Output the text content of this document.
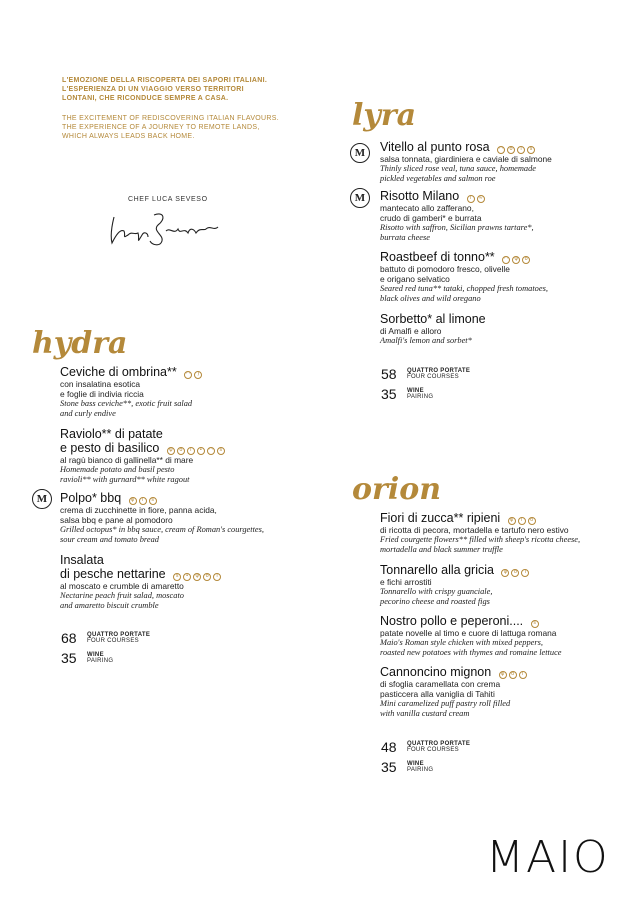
L'EMOZIONE DELLA RISCOPERTA DEI SAPORI ITALIANI.
L'ESPERIENZA DI UN VIAGGIO VERSO TERRITORI
LONTANI, CHE RICONDUCE SEMPRE A CASA.
THE EXCITEMENT OF REDISCOVERING ITALIAN FLAVOURS.
THE EXPERIENCE OF A JOURNEY TO REMOTE LANDS,
WHICH ALWAYS LEADS BACK HOME.
CHEF LUCA SEVESO
lyra
M Vitello al punto rosa	◠	o	ı	s
salsa tonnata, giardiniera e caviale di salmone
Thinly sliced rose veal, tuna sauce, homemade
pickled vegetables and salmon roe
M Risotto Milano	ı	≈
mantecato allo zafferano,
crudo di gamberi* e burrata
Risotto with saffron, Sicilian prawns tartare*,
burrata cheese
Roastbeef di tonno**	◠	ψ	o
battuto di pomodoro fresco, olivelle
e origano selvatico
Seared red tuna** tataki, chopped fresh tomatoes,
black olives and wild oregano
Sorbetto* al limone
di Amalfi e alloro
Amalfi's lemon and sorbet*
58	QUATTRO PORTATE
FOUR COURSES
35	WINE
PAIRING
hydra
Ceviche di ombrina**	◠	)
con insalatina esotica
e foglie di indivia riccia
Stone bass ceviche**, exotic fruit salad
and curly endive
Raviolo** di patate
e pesto di basilico	ψ	o	ı	•	◠	s
al ragù bianco di gallinella** di mare
Homemade potato and basil pesto
ravioli** with gurnard** white ragout
M Polpo* bbq	ψ	ı	s
crema di zucchinette in fiore, panna acida,
salsa bbq e pane al pomodoro
Grilled octopus* in bbq sauce, cream of Roman's courgettes,
sour cream and tomato bread
Insalata
di pesche nettarine	s	•	ψ	o	ı
al moscato e crumble di amaretto
Nectarine peach fruit salad, moscato
and amaretto biscuit crumble
68	QUATTRO PORTATE
FOUR COURSES
35	WINE
PAIRING
orion
Fiori di zucca** ripieni	ψ	ı	o
di ricotta di pecora, mortadella e tartufo nero estivo
Fried courgette flowers** filled with sheep's ricotta cheese,
mortadella and black summer truffle
Tonnarello alla gricia	ψ	o	ı
e fichi arrostiti
Tonnarello with crispy guanciale,
pecorino cheese and roasted figs
Nostro pollo e peperoni....	s
patate novelle al timo e cuore di lattuga romana
Maio's Roman style chicken with mixed peppers,
roasted new potatoes with thymes and romaine lettuce
Cannoncino mignon	ψ	o	ı
di sfoglia caramellata con crema
pasticcera alla vaniglia di Tahiti
Mini caramelized puff pastry roll filled
with vanilla custard cream
48	QUATTRO PORTATE
FOUR COURSES
35	WINE
PAIRING
MAIO
